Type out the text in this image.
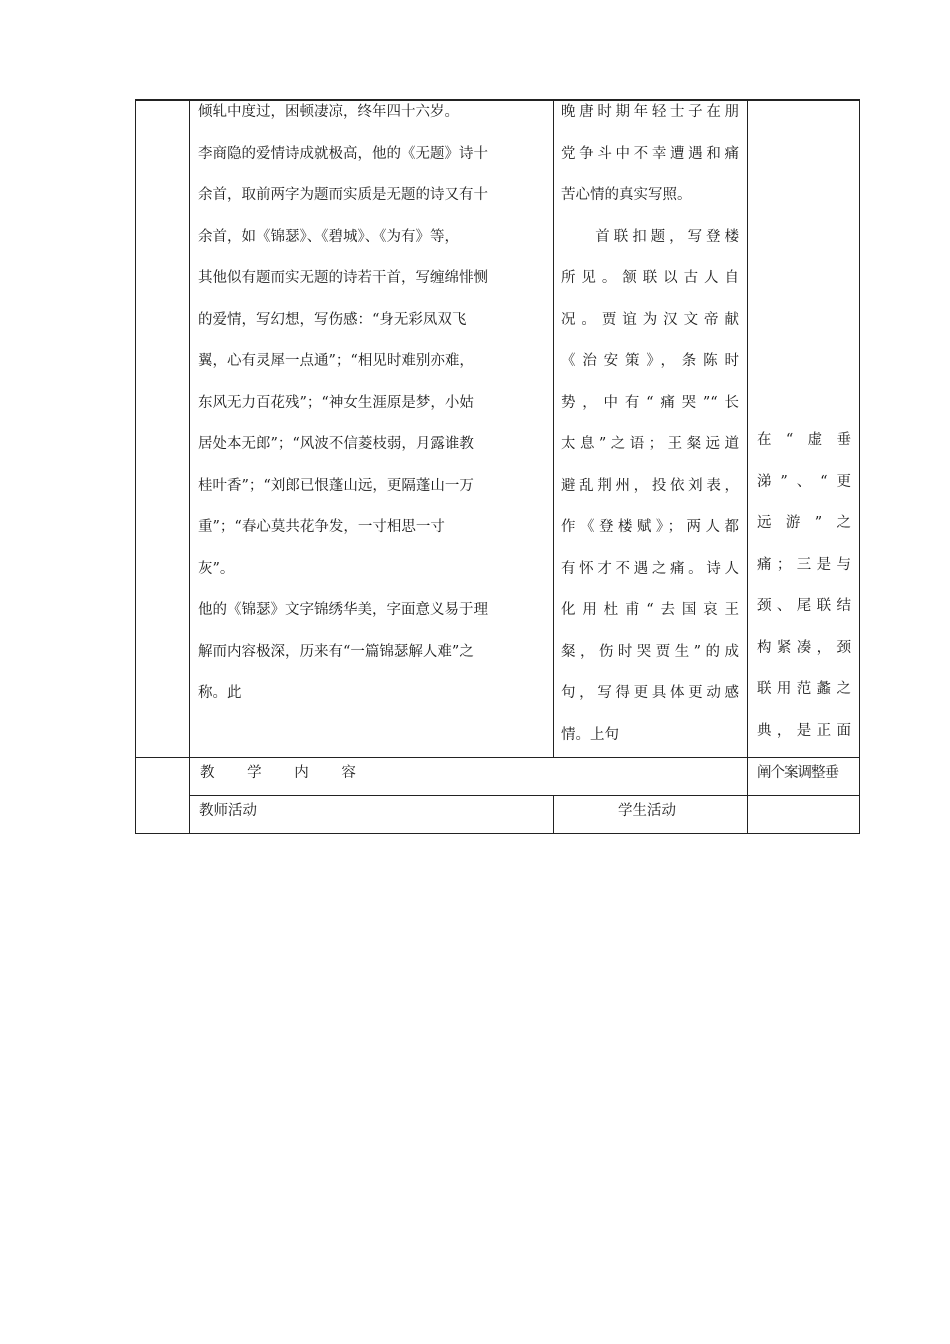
倾轧中度过，困顿凄凉，终年四十六岁。

李商隐的爱情诗成就极高，他的《无题》诗十

余首，取前两字为题而实质是无题的诗又有十

余首，如《锦瑟》、《碧城》、《为有》等，

其他似有题而实无题的诗若干首，写缠绵悱恻

的爱情，写幻想，写伤感：“身无彩凤双飞

翼，心有灵犀一点通”；“相见时难别亦难，

东风无力百花残”；“神女生涯原是梦，小姑

居处本无郎”；“风波不信菱枝弱，月露谁教

桂叶香”；“刘郎已恨蓬山远，更隔蓬山一万

重”；“春心莫共花争发，一寸相思一寸

灰”。

他的《锦瑟》文字锦绣华美，字面意义易于理

解而内容极深，历来有“一篇锦瑟解人难”之

称。此

晚唐时期年轻士子在朋

党争斗中不幸遭遇和痛

苦心情的真实写照。

首联扣题，写登楼

所见。颔联以古人自

况。贾谊为汉文帝献

《治安策》，条陈时

势，中有“痛哭”“长

太息”之语；王粲远道

避乱荆州，投依刘表，

作《登楼赋》；两人都

有怀才不遇之痛。诗人

化用杜甫“去国哀王

粲，伤时哭贾生”的成

句，写得更具体更动感

情。上句

在“虚垂

涕”、“更

远游”之

痛；三是与

颈、尾联结

构紧凑，颈

联用范蠡之

典，是正面

教 学 内 容	阐个案调整垂
教师活动	学生活动
